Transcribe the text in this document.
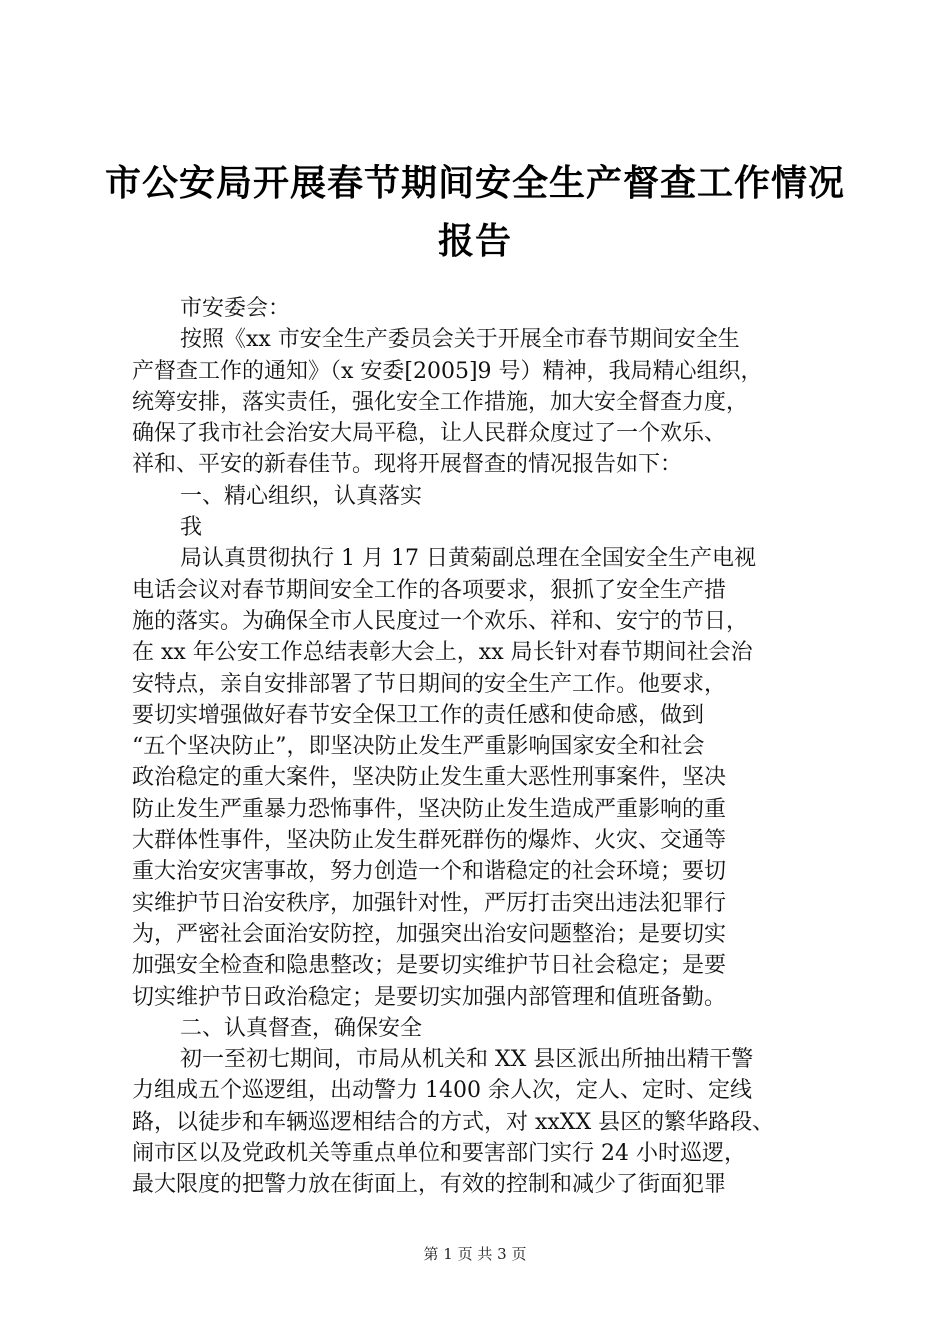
市公安局开展春节期间安全生产督查工作情况
报告
市安委会：
按照《xx 市安全生产委员会关于开展全市春节期间安全生
产督查工作的通知》（x 安委[2005]9 号）精神，我局精心组织，
统筹安排，落实责任，强化安全工作措施，加大安全督查力度，
确保了我市社会治安大局平稳，让人民群众度过了一个欢乐、
祥和、平安的新春佳节。现将开展督查的情况报告如下：
一、精心组织，认真落实
我
局认真贯彻执行 1 月 17 日黄菊副总理在全国安全生产电视
电话会议对春节期间安全工作的各项要求，狠抓了安全生产措
施的落实。为确保全市人民度过一个欢乐、祥和、安宁的节日，
在 xx 年公安工作总结表彰大会上，xx 局长针对春节期间社会治
安特点，亲自安排部署了节日期间的安全生产工作。他要求，
要切实增强做好春节安全保卫工作的责任感和使命感，做到
“五个坚决防止”，即坚决防止发生严重影响国家安全和社会
政治稳定的重大案件，坚决防止发生重大恶性刑事案件，坚决
防止发生严重暴力恐怖事件，坚决防止发生造成严重影响的重
大群体性事件，坚决防止发生群死群伤的爆炸、火灾、交通等
重大治安灾害事故，努力创造一个和谐稳定的社会环境；要切
实维护节日治安秩序，加强针对性，严厉打击突出违法犯罪行
为，严密社会面治安防控，加强突出治安问题整治；是要切实
加强安全检查和隐患整改；是要切实维护节日社会稳定；是要
切实维护节日政治稳定；是要切实加强内部管理和值班备勤。
二、认真督查，确保安全
初一至初七期间，市局从机关和 XX 县区派出所抽出精干警
力组成五个巡逻组，出动警力 1400 余人次，定人、定时、定线
路，以徒步和车辆巡逻相结合的方式，对 xxXX 县区的繁华路段、
闹市区以及党政机关等重点单位和要害部门实行 24 小时巡逻，
最大限度的把警力放在街面上，有效的控制和减少了街面犯罪
第 1 页 共 3 页
